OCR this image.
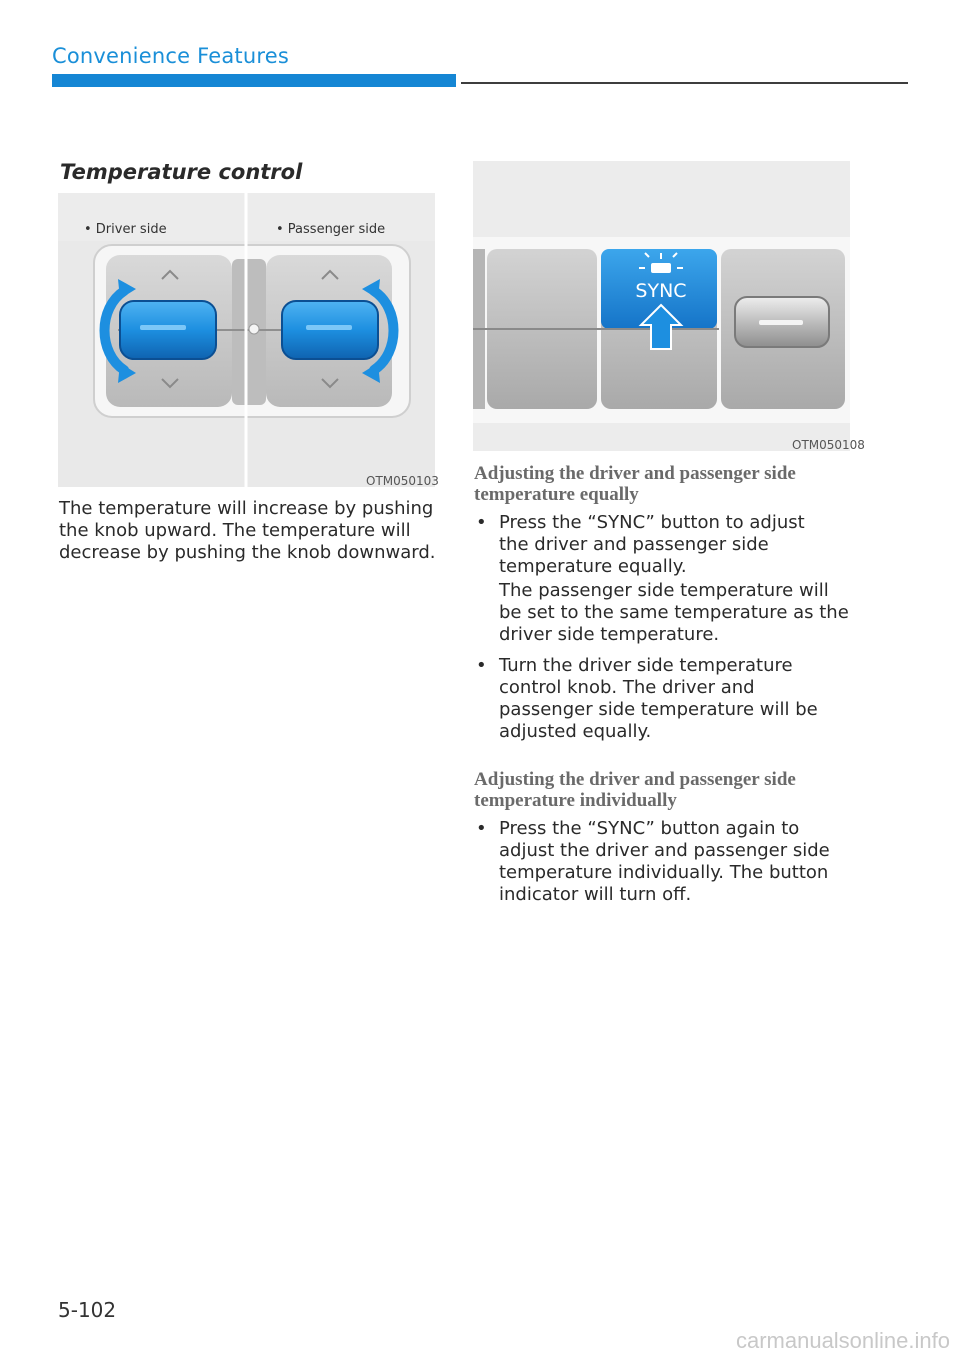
Convenience Features
Temperature control
• Driver side	• Passenger side
OTM050103

The temperature will increase by pushing the knob upward. The temperature will decrease by pushing the knob downward.

SYNC
OTM050108

Adjusting the driver and passenger side
temperature equally

• Press the “SYNC” button to adjust the driver and passenger side temperature equally.

The passenger side temperature will be set to the same temperature as the driver side temperature.

• Turn the driver side temperature control knob. The driver and passenger side temperature will be adjusted equally.

Adjusting the driver and passenger side
temperature individually

• Press the “SYNC” button again to adjust the driver and passenger side temperature individually. The button indicator will turn off.
5-102
carmanualsonline.info
